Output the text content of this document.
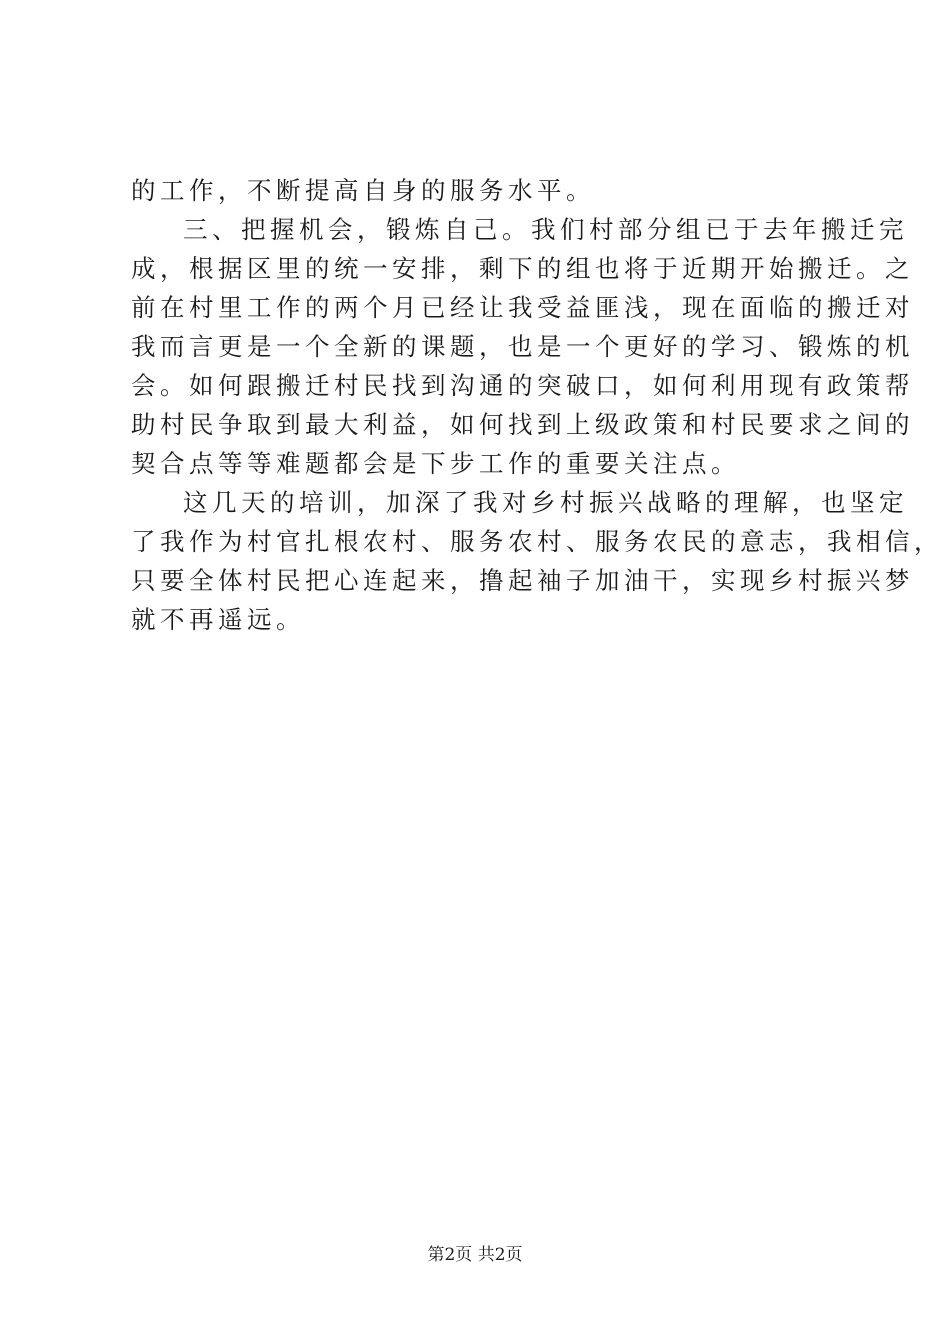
的工作，不断提高自身的服务水平。
三、把握机会，锻炼自己。我们村部分组已于去年搬迁完
成，根据区里的统一安排，剩下的组也将于近期开始搬迁。之
前在村里工作的两个月已经让我受益匪浅，现在面临的搬迁对
我而言更是一个全新的课题，也是一个更好的学习、锻炼的机
会。如何跟搬迁村民找到沟通的突破口，如何利用现有政策帮
助村民争取到最大利益，如何找到上级政策和村民要求之间的
契合点等等难题都会是下步工作的重要关注点。
这几天的培训，加深了我对乡村振兴战略的理解，也坚定
了我作为村官扎根农村、服务农村、服务农民的意志，我相信，
只要全体村民把心连起来，撸起袖子加油干，实现乡村振兴梦
就不再遥远。
第2页 共2页
